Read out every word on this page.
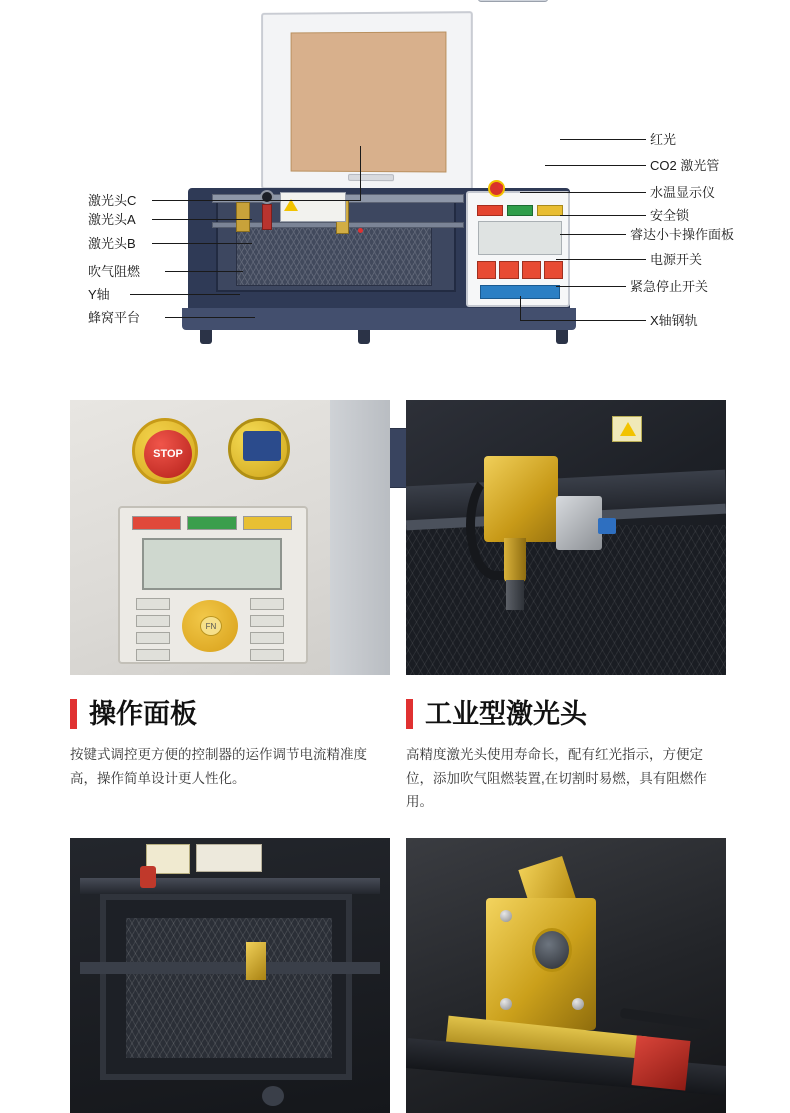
激光头C
激光头A
激光头B
吹气阻燃
Y轴
蜂窝平台
红光
CO2 激光管
水温显示仪
安全锁
睿达小卡操作面板
电源开关
紧急停止开关
X轴钢轨
STOP
FN
操作面板
按键式调控更方便的控制器的运作调节电流精准度高，操作简单设计更人性化。
工业型激光头
高精度激光头使用寿命长，配有红光指示，方便定位，添加吹气阻燃装置,在切割时易燃，具有阻燃作用。
